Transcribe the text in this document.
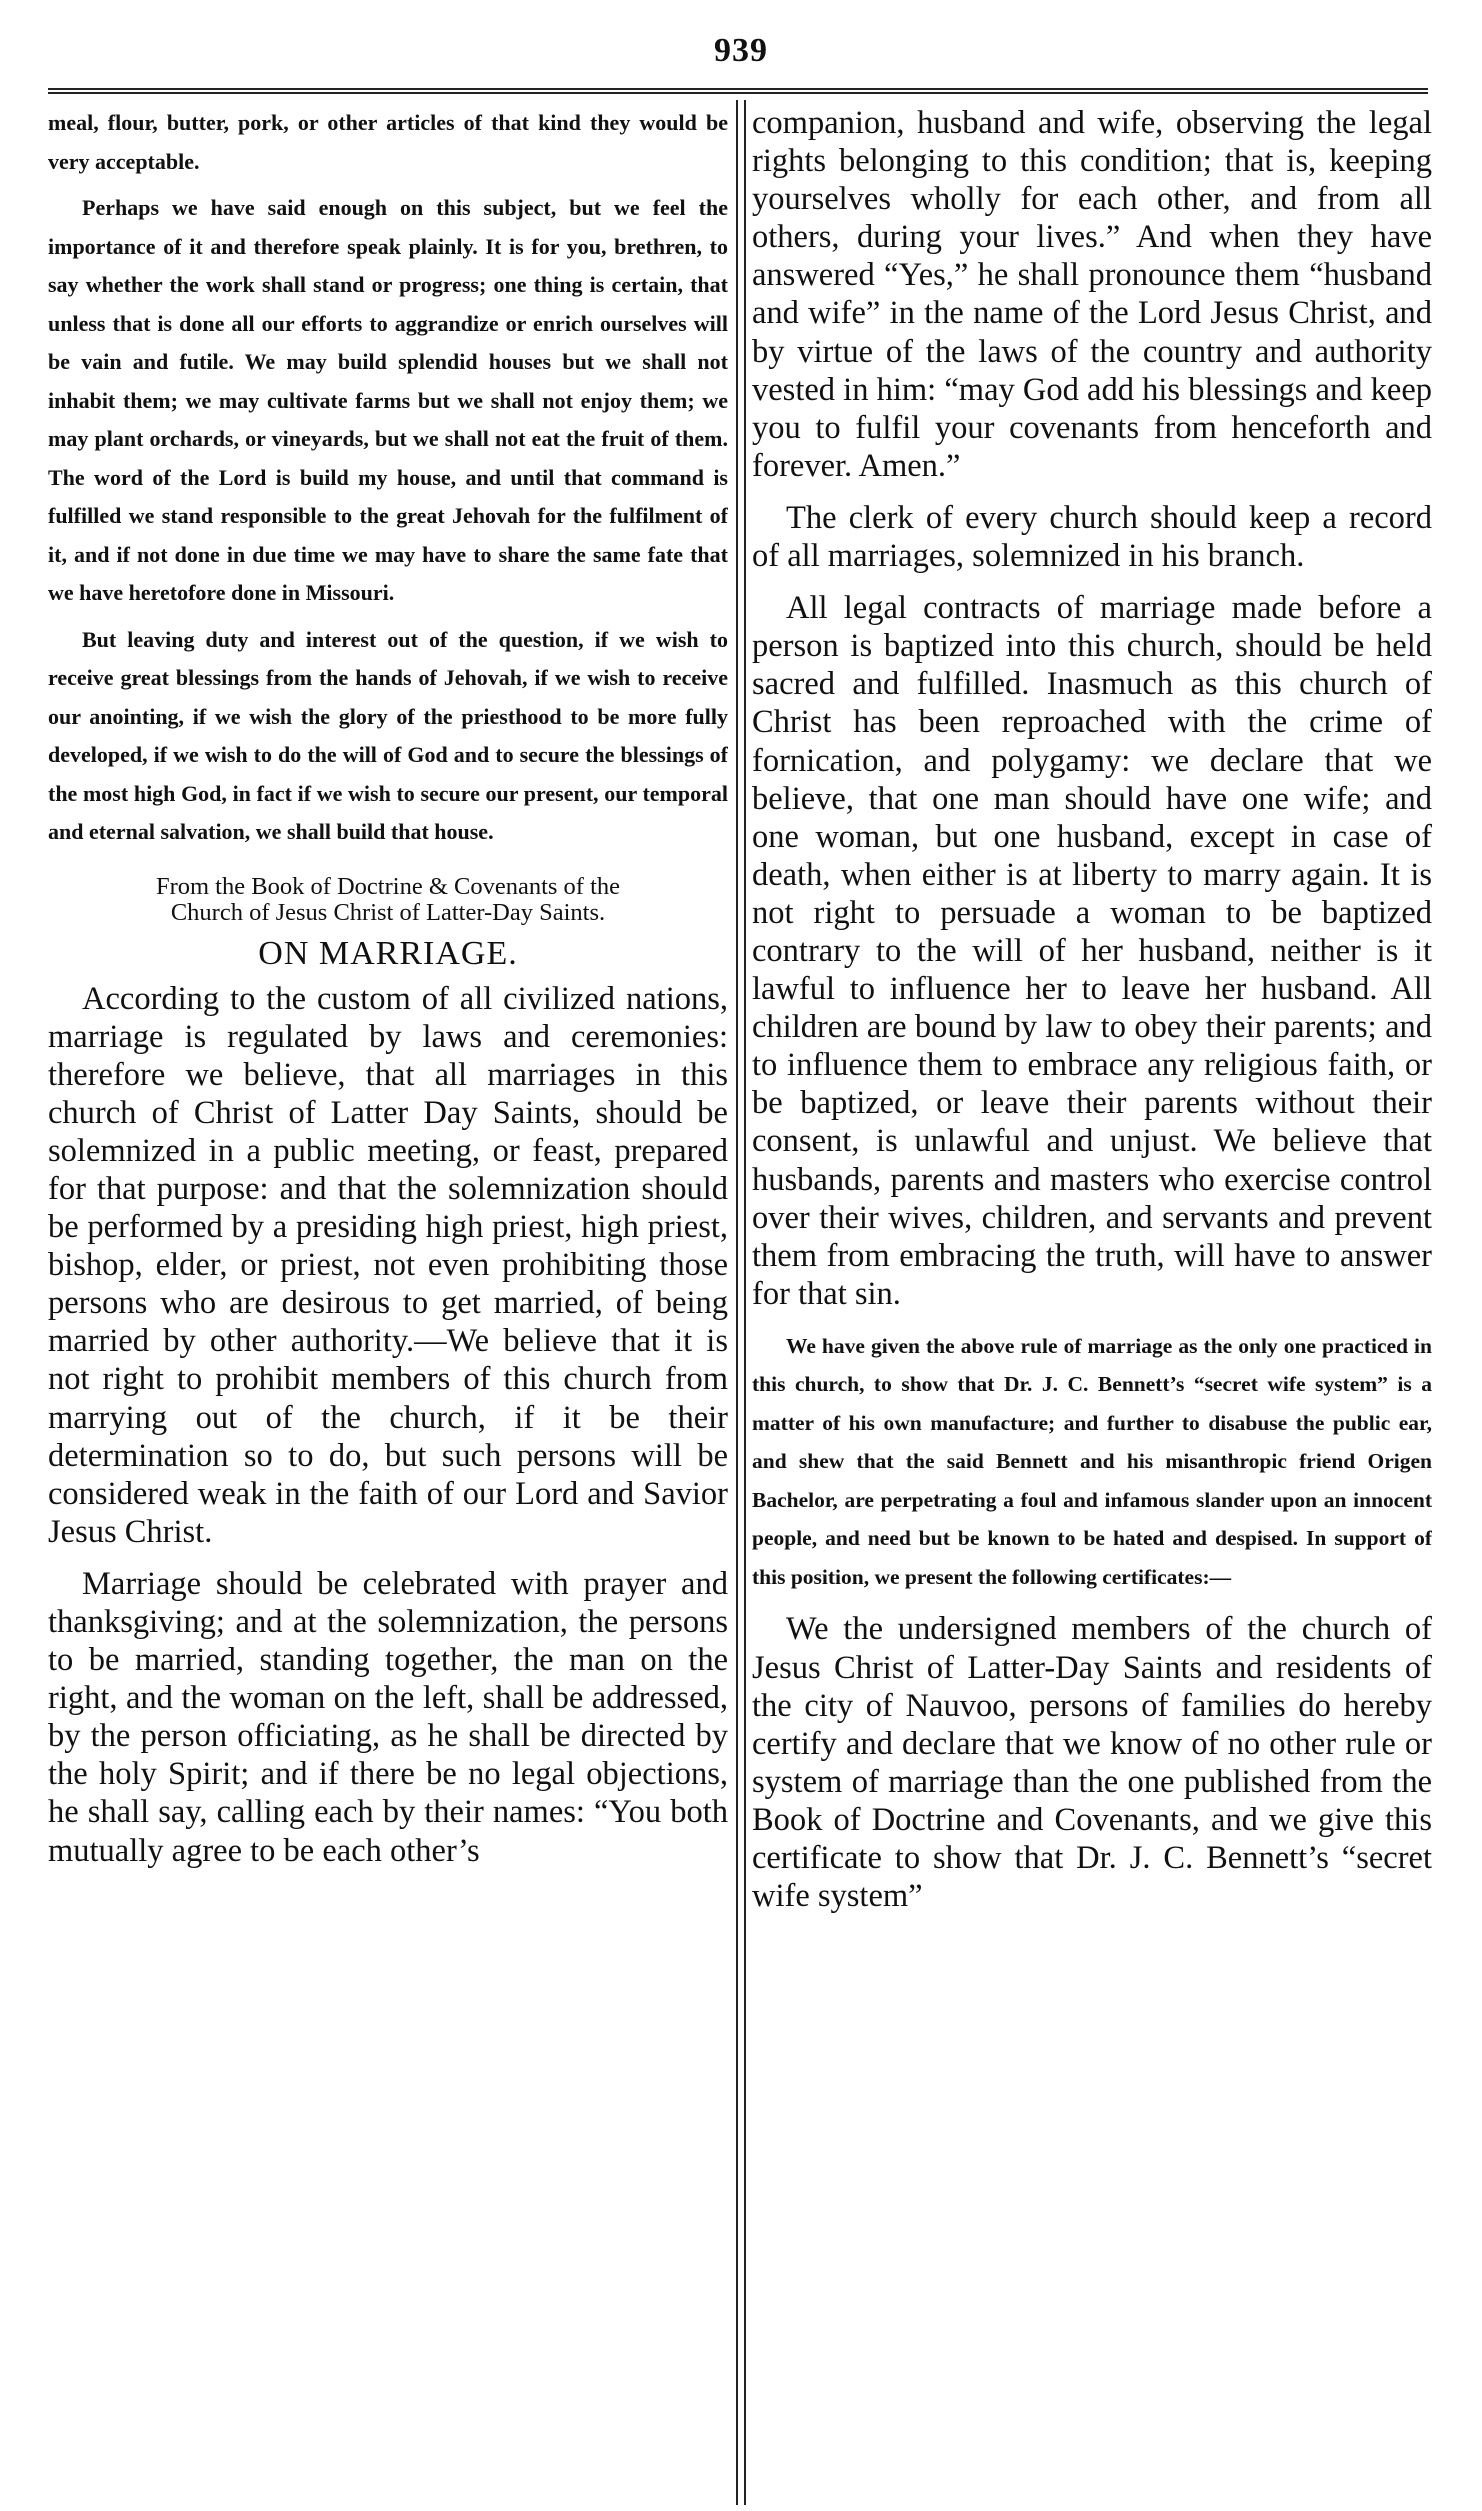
939

meal, flour, butter, pork, or other articles of that kind they would be very acceptable.

Perhaps we have said enough on this subject, but we feel the importance of it and therefore speak plainly. It is for you, brethren, to say whether the work shall stand or progress; one thing is certain, that unless that is done all our efforts to aggrandize or enrich ourselves will be vain and futile. We may build splendid houses but we shall not inhabit them; we may cultivate farms but we shall not enjoy them; we may plant orchards, or vineyards, but we shall not eat the fruit of them. The word of the Lord is build my house, and until that command is fulfilled we stand responsible to the great Jehovah for the fulfilment of it, and if not done in due time we may have to share the same fate that we have heretofore done in Missouri.

But leaving duty and interest out of the question, if we wish to receive great blessings from the hands of Jehovah, if we wish to receive our anointing, if we wish the glory of the priesthood to be more fully developed, if we wish to do the will of God and to secure the blessings of the most high God, in fact if we wish to secure our present, our temporal and eternal salvation, we shall build that house.

From the Book of Doctrine & Covenants of the
Church of Jesus Christ of Latter-Day Saints.
ON MARRIAGE.

According to the custom of all civilized nations, marriage is regulated by laws and ceremonies: therefore we believe, that all marriages in this church of Christ of Latter Day Saints, should be solemnized in a public meeting, or feast, prepared for that purpose: and that the solemnization should be performed by a presiding high priest, high priest, bishop, elder, or priest, not even prohibiting those persons who are desirous to get married, of being married by other authority.—We believe that it is not right to prohibit members of this church from marrying out of the church, if it be their determination so to do, but such persons will be considered weak in the faith of our Lord and Savior Jesus Christ.

Marriage should be celebrated with prayer and thanksgiving; and at the solemnization, the persons to be married, standing together, the man on the right, and the woman on the left, shall be addressed, by the person officiating, as he shall be directed by the holy Spirit; and if there be no legal objections, he shall say, calling each by their names: “You both mutually agree to be each other’s

companion, husband and wife, observing the legal rights belonging to this condition; that is, keeping yourselves wholly for each other, and from all others, during your lives.” And when they have answered “Yes,” he shall pronounce them “husband and wife” in the name of the Lord Jesus Christ, and by virtue of the laws of the country and authority vested in him: “may God add his blessings and keep you to fulfil your covenants from henceforth and forever. Amen.”

The clerk of every church should keep a record of all marriages, solemnized in his branch.

All legal contracts of marriage made before a person is baptized into this church, should be held sacred and fulfilled. Inasmuch as this church of Christ has been reproached with the crime of fornication, and polygamy: we declare that we believe, that one man should have one wife; and one woman, but one husband, except in case of death, when either is at liberty to marry again. It is not right to persuade a woman to be baptized contrary to the will of her husband, neither is it lawful to influence her to leave her husband. All children are bound by law to obey their parents; and to influence them to embrace any religious faith, or be baptized, or leave their parents without their consent, is unlawful and unjust. We believe that husbands, parents and masters who exercise control over their wives, children, and servants and prevent them from embracing the truth, will have to answer for that sin.

We have given the above rule of marriage as the only one practiced in this church, to show that Dr. J. C. Bennett’s “secret wife system” is a matter of his own manufacture; and further to disabuse the public ear, and shew that the said Bennett and his misanthropic friend Origen Bachelor, are perpetrating a foul and infamous slander upon an innocent people, and need but be known to be hated and despised. In support of this position, we present the following certificates:—

We the undersigned members of the church of Jesus Christ of Latter-Day Saints and residents of the city of Nauvoo, persons of families do hereby certify and declare that we know of no other rule or system of marriage than the one published from the Book of Doctrine and Covenants, and we give this certificate to show that Dr. J. C. Bennett’s “secret wife system”
